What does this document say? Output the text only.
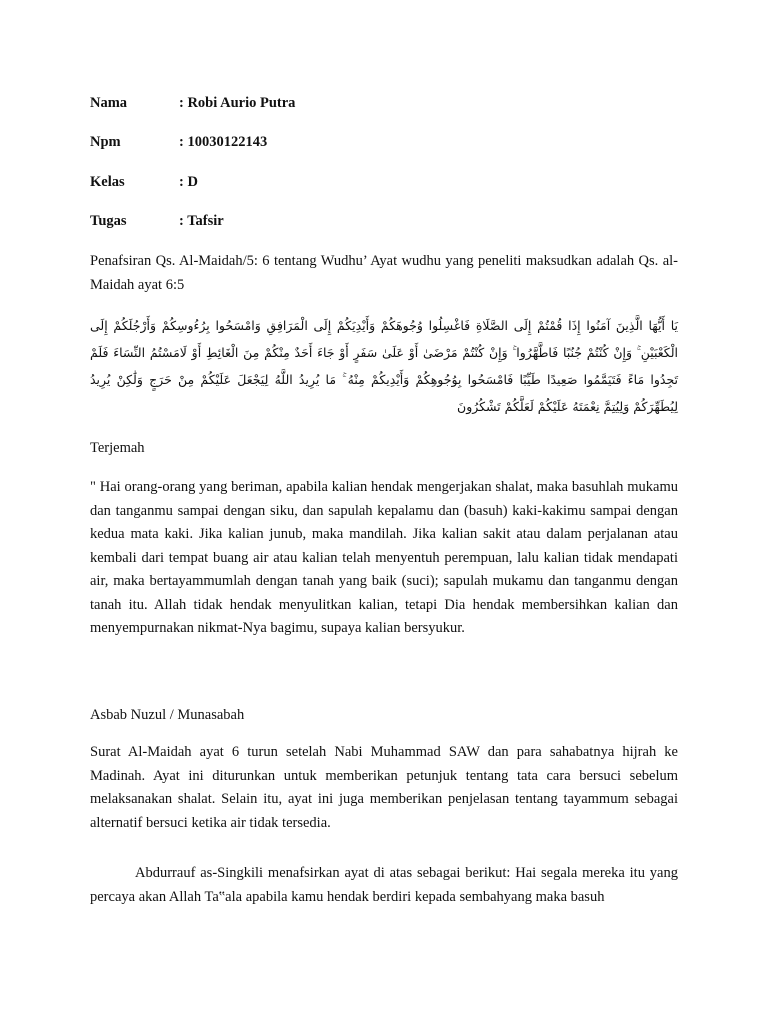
Nama	: Robi Aurio Putra
Npm	: 10030122143
Kelas	: D
Tugas	: Tafsir

Penafsiran Qs. Al-Maidah/5: 6 tentang Wudhu’ Ayat wudhu yang peneliti maksudkan adalah Qs. al-Maidah ayat 6:5

يَا أَيُّهَا الَّذِينَ آمَنُوا إِذَا قُمْتُمْ إِلَى الصَّلَاةِ فَاغْسِلُوا وُجُوهَكُمْ وَأَيْدِيَكُمْ إِلَى الْمَرَافِقِ وَامْسَحُوا بِرُءُوسِكُمْ وَأَرْجُلَكُمْ إِلَى الْكَعْبَيْنِ ۚ وَإِنْ كُنْتُمْ جُنُبًا فَاطَّهَّرُوا ۚ وَإِنْ كُنْتُمْ مَرْضَىٰ أَوْ عَلَىٰ سَفَرٍ أَوْ جَاءَ أَحَدٌ مِنْكُمْ مِنَ الْغَائِطِ أَوْ لَامَسْتُمُ النِّسَاءَ فَلَمْ تَجِدُوا مَاءً فَتَيَمَّمُوا صَعِيدًا طَيِّبًا فَامْسَحُوا بِوُجُوهِكُمْ وَأَيْدِيكُمْ مِنْهُ ۚ مَا يُرِيدُ اللَّهُ لِيَجْعَلَ عَلَيْكُمْ مِنْ حَرَجٍ وَلَٰكِنْ يُرِيدُ لِيُطَهِّرَكُمْ وَلِيُتِمَّ نِعْمَتَهُ عَلَيْكُمْ لَعَلَّكُمْ تَشْكُرُونَ
Terjemah

" Hai orang-orang yang beriman, apabila kalian hendak mengerjakan shalat, maka basuhlah mukamu dan tanganmu sampai dengan siku, dan sapulah kepalamu dan (basuh) kaki-kakimu sampai dengan kedua mata kaki. Jika kalian junub, maka mandilah. Jika kalian sakit atau dalam perjalanan atau kembali dari tempat buang air atau kalian telah menyentuh perempuan, lalu kalian tidak mendapati air, maka bertayammumlah dengan tanah yang baik (suci); sapulah mukamu dan tanganmu dengan tanah itu. Allah tidak hendak menyulitkan kalian, tetapi Dia hendak membersihkan kalian dan menyempurnakan nikmat-Nya bagimu, supaya kalian bersyukur.

Asbab Nuzul / Munasabah

Surat Al-Maidah ayat 6 turun setelah Nabi Muhammad SAW dan para sahabatnya hijrah ke Madinah. Ayat ini diturunkan untuk memberikan petunjuk tentang tata cara bersuci sebelum melaksanakan shalat. Selain itu, ayat ini juga memberikan penjelasan tentang tayammum sebagai alternatif bersuci ketika air tidak tersedia.

Abdurrauf as-Singkili menafsirkan ayat di atas sebagai berikut: Hai segala mereka itu yang percaya akan Allah Ta‟ala apabila kamu hendak berdiri kepada sembahyang maka basuh
